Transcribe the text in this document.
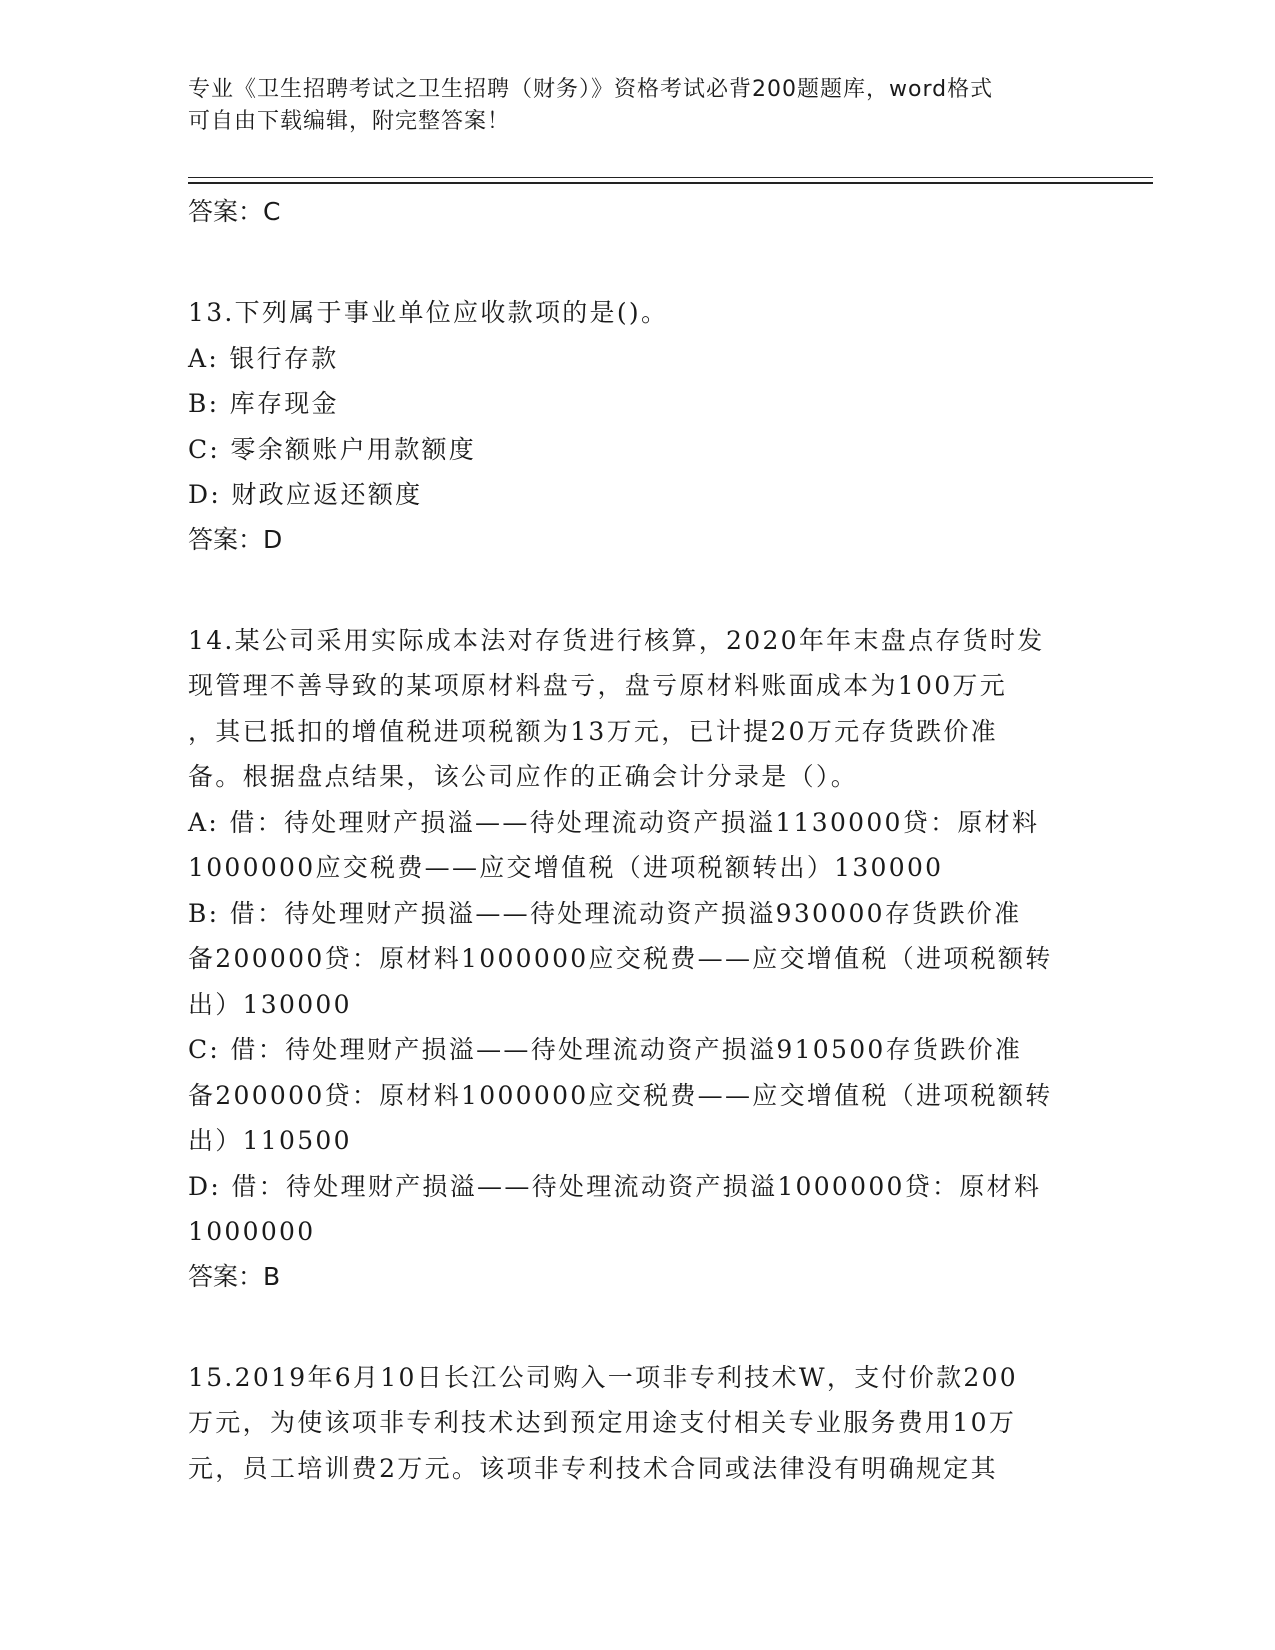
专业《卫生招聘考试之卫生招聘（财务）》资格考试必背200题题库，word格式
可自由下载编辑，附完整答案！
答案：C
13.下列属于事业单位应收款项的是()。
A: 银行存款
B: 库存现金
C: 零余额账户用款额度
D: 财政应返还额度
答案：D
14.某公司采用实际成本法对存货进行核算，2020年年末盘点存货时发
现管理不善导致的某项原材料盘亏，盘亏原材料账面成本为100万元
，其已抵扣的增值税进项税额为13万元，已计提20万元存货跌价准
备。根据盘点结果，该公司应作的正确会计分录是（）。
A: 借：待处理财产损溢——待处理流动资产损溢1130000贷：原材料
1000000应交税费——应交增值税（进项税额转出）130000
B: 借：待处理财产损溢——待处理流动资产损溢930000存货跌价准
备200000贷：原材料1000000应交税费——应交增值税（进项税额转
出）130000
C: 借：待处理财产损溢——待处理流动资产损溢910500存货跌价准
备200000贷：原材料1000000应交税费——应交增值税（进项税额转
出）110500
D: 借：待处理财产损溢——待处理流动资产损溢1000000贷：原材料
1000000
答案：B
15.2019年6月10日长江公司购入一项非专利技术W，支付价款200
万元，为使该项非专利技术达到预定用途支付相关专业服务费用10万
元，员工培训费2万元。该项非专利技术合同或法律没有明确规定其
